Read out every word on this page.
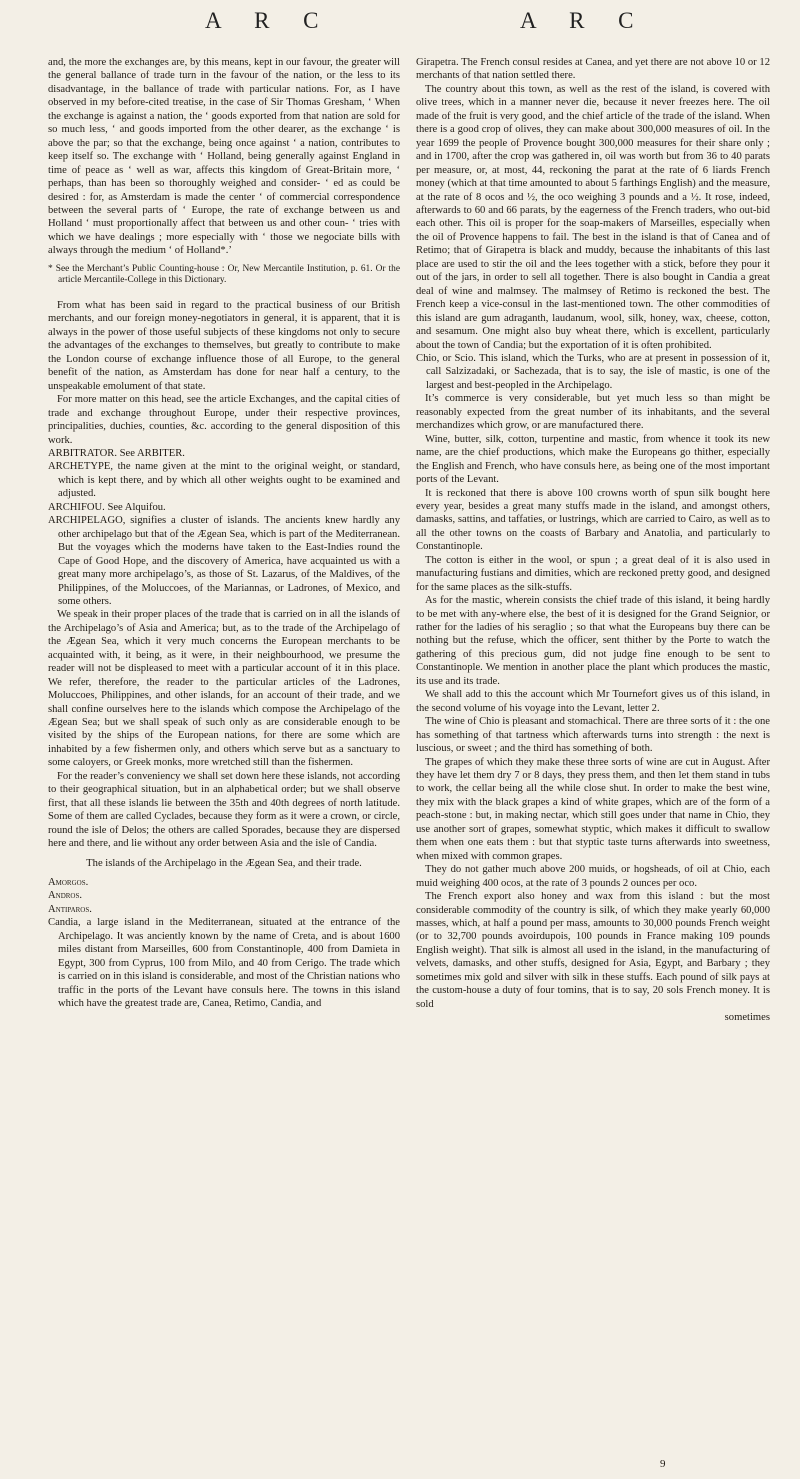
A R C	A R C

and, the more the exchanges are, by this means, kept in our favour, the greater will the general ballance of trade turn in the favour of the nation, or the less to its disadvantage, in the ballance of trade with particular nations. For, as I have observed in my before-cited treatise, in the case of Sir Thomas Gresham, ‘ When the exchange is against a nation, the ‘ goods exported from that nation are sold for so much less, ‘ and goods imported from the other dearer, as the exchange ‘ is above the par; so that the exchange, being once against ‘ a nation, contributes to keep itself so. The exchange with ‘ Holland, being generally against England in time of peace as ‘ well as war, affects this kingdom of Great-Britain more, ‘ perhaps, than has been so thoroughly weighed and consider- ‘ ed as could be desired : for, as Amsterdam is made the center ‘ of commercial correspondence between the several parts of ‘ Europe, the rate of exchange between us and Holland ‘ must proportionally affect that between us and other coun- ‘ tries with which we have dealings ; more especially with ‘ those we negociate bills with always through the medium ‘ of Holland*.’

* See the Merchant’s Public Counting-house : Or, New Mercantile Institution, p. 61. Or the article Mercantile-College in this Dictionary.

From what has been said in regard to the practical business of our British merchants, and our foreign money-negotiators in general, it is apparent, that it is always in the power of those useful subjects of these kingdoms not only to secure the advantages of the exchanges to themselves, but greatly to contribute to make the London course of exchange influence those of all Europe, to the general benefit of the nation, as Amsterdam has done for near half a century, to the unspeakable emolument of that state.

For more matter on this head, see the article Exchanges, and the capital cities of trade and exchange throughout Europe, under their respective provinces, principalities, duchies, counties, &c. according to the general disposition of this work.

ARBITRATOR. See ARBITER.

ARCHETYPE, the name given at the mint to the original weight, or standard, which is kept there, and by which all other weights ought to be examined and adjusted.

ARCHIFOU. See Alquifou.

ARCHIPELAGO, signifies a cluster of islands. The ancients knew hardly any other archipelago but that of the Ægean Sea, which is part of the Mediterranean. But the voyages which the moderns have taken to the East-Indies round the Cape of Good Hope, and the discovery of America, have acquainted us with a great many more archipelago’s, as those of St. Lazarus, of the Maldives, of the Philippines, of the Moluccoes, of the Mariannas, or Ladrones, of Mexico, and some others.

We speak in their proper places of the trade that is carried on in all the islands of the Archipelago’s of Asia and America; but, as to the trade of the Archipelago of the Ægean Sea, which it very much concerns the European merchants to be acquainted with, it being, as it were, in their neighbourhood, we presume the reader will not be displeased to meet with a particular account of it in this place. We refer, therefore, the reader to the particular articles of the Ladrones, Moluccoes, Philippines, and other islands, for an account of their trade, and we shall confine ourselves here to the islands which compose the Archipelago of the Ægean Sea; but we shall speak of such only as are considerable enough to be visited by the ships of the European nations, for there are some which are inhabited by a few fishermen only, and others which serve but as a sanctuary to some caloyers, or Greek monks, more wretched still than the fishermen.

For the reader’s conveniency we shall set down here these islands, not according to their geographical situation, but in an alphabetical order; but we shall observe first, that all these islands lie between the 35th and 40th degrees of north latitude. Some of them are called Cyclades, because they form as it were a crown, or circle, round the isle of Delos; the others are called Sporades, because they are dispersed here and there, and lie without any order between Asia and the isle of Candia.

The islands of the Archipelago in the Ægean Sea, and their trade.

Amorgos.

Andros.

Antiparos.

Candia, a large island in the Mediterranean, situated at the entrance of the Archipelago. It was anciently known by the name of Creta, and is about 1600 miles distant from Marseilles, 600 from Constantinople, 400 from Damieta in Egypt, 300 from Cyprus, 100 from Milo, and 40 from Cerigo. The trade which is carried on in this island is considerable, and most of the Christian nations who traffic in the ports of the Levant have consuls here. The towns in this island which have the greatest trade are, Canea, Retimo, Candia, and

Girapetra. The French consul resides at Canea, and yet there are not above 10 or 12 merchants of that nation settled there.

The country about this town, as well as the rest of the island, is covered with olive trees, which in a manner never die, because it never freezes here. The oil made of the fruit is very good, and the chief article of the trade of the island. When there is a good crop of olives, they can make about 300,000 measures of oil. In the year 1699 the people of Provence bought 300,000 measures for their share only ; and in 1700, after the crop was gathered in, oil was worth but from 36 to 40 parats per measure, or, at most, 44, reckoning the parat at the rate of 6 liards French money (which at that time amounted to about 5 farthings English) and the measure, at the rate of 8 ocos and ½, the oco weighing 3 pounds and a ½. It rose, indeed, afterwards to 60 and 66 parats, by the eagerness of the French traders, who out-bid each other. This oil is proper for the soap-makers of Marseilles, especially when the oil of Provence happens to fail. The best in the island is that of Canea and of Retimo; that of Girapetra is black and muddy, because the inhabitants of this last place are used to stir the oil and the lees together with a stick, before they pour it out of the jars, in order to sell all together. There is also bought in Candia a great deal of wine and malmsey. The malmsey of Retimo is reckoned the best. The French keep a vice-consul in the last-mentioned town. The other commodities of this island are gum adraganth, laudanum, wool, silk, honey, wax, cheese, cotton, and sesamum. One might also buy wheat there, which is excellent, particularly about the town of Candia; but the exportation of it is often prohibited.

Chio, or Scio. This island, which the Turks, who are at present in possession of it, call Salzizadaki, or Sachezada, that is to say, the isle of mastic, is one of the largest and best-peopled in the Archipelago.

It’s commerce is very considerable, but yet much less so than might be reasonably expected from the great number of its inhabitants, and the several merchandizes which grow, or are manufactured there.

Wine, butter, silk, cotton, turpentine and mastic, from whence it took its new name, are the chief productions, which make the Europeans go thither, especially the English and French, who have consuls here, as being one of the most important ports of the Levant.

It is reckoned that there is above 100 crowns worth of spun silk bought here every year, besides a great many stuffs made in the island, and amongst others, damasks, sattins, and taffaties, or lustrings, which are carried to Cairo, as well as to all the other towns on the coasts of Barbary and Anatolia, and particularly to Constantinople.

The cotton is either in the wool, or spun ; a great deal of it is also used in manufacturing fustians and dimities, which are reckoned pretty good, and designed for the same places as the silk-stuffs.

As for the mastic, wherein consists the chief trade of this island, it being hardly to be met with any-where else, the best of it is designed for the Grand Seignior, or rather for the ladies of his seraglio ; so that what the Europeans buy there can be nothing but the refuse, which the officer, sent thither by the Porte to watch the gathering of this precious gum, did not judge fine enough to be sent to Constantinople. We mention in another place the plant which produces the mastic, its use and its trade.

We shall add to this the account which Mr Tournefort gives us of this island, in the second volume of his voyage into the Levant, letter 2.

The wine of Chio is pleasant and stomachical. There are three sorts of it : the one has something of that tartness which afterwards turns into strength : the next is luscious, or sweet ; and the third has something of both.

The grapes of which they make these three sorts of wine are cut in August. After they have let them dry 7 or 8 days, they press them, and then let them stand in tubs to work, the cellar being all the while close shut. In order to make the best wine, they mix with the black grapes a kind of white grapes, which are of the form of a peach-stone : but, in making nectar, which still goes under that name in Chio, they use another sort of grapes, somewhat styptic, which makes it difficult to swallow them when one eats them : but that styptic taste turns afterwards into sweetness, when mixed with common grapes.

They do not gather much above 200 muids, or hogsheads, of oil at Chio, each muid weighing 400 ocos, at the rate of 3 pounds 2 ounces per oco.

The French export also honey and wax from this island : but the most considerable commodity of the country is silk, of which they make yearly 60,000 masses, which, at half a pound per mass, amounts to 30,000 pounds French weight (or to 32,700 pounds avoirdupois, 100 pounds in France making 109 pounds English weight). That silk is almost all used in the island, in the manufacturing of velvets, damasks, and other stuffs, designed for Asia, Egypt, and Barbary ; they sometimes mix gold and silver with silk in these stuffs. Each pound of silk pays at the custom-house a duty of four tomins, that is to say, 20 sols French money. It is sold

sometimes

9
